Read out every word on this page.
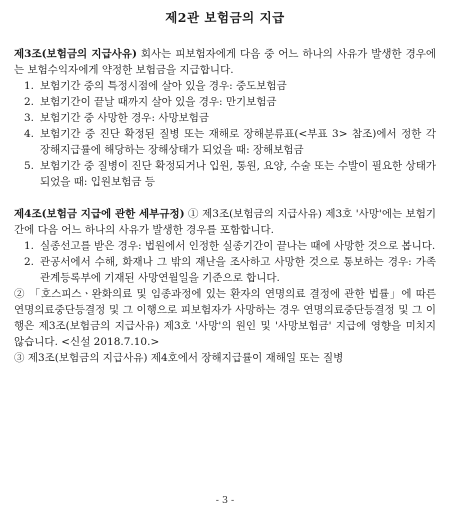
제2관 보험금의 지급

제3조(보험금의 지급사유) 회사는 피보험자에게 다음 중 어느 하나의 사유가 발생한 경우에는 보험수익자에게 약정한 보험금을 지급합니다.

1. 보험기간 중의 특정시점에 살아 있을 경우: 중도보험금
2. 보험기간이 끝날 때까지 살아 있을 경우: 만기보험금
3. 보험기간 중 사망한 경우: 사망보험금
4. 보험기간 중 진단 확정된 질병 또는 재해로 장해분류표(<부표 3> 참조)에서 정한 각 장해지급률에 해당하는 장해상태가 되었을 때: 장해보험금
5. 보험기간 중 질병이 진단 확정되거나 입원, 통원, 요양, 수술 또는 수발이 필요한 상태가 되었을 때: 입원보험금 등

제4조(보험금 지급에 관한 세부규정) ① 제3조(보험금의 지급사유) 제3호 '사망'에는 보험기간에 다음 어느 하나의 사유가 발생한 경우를 포함합니다.

1. 실종선고를 받은 경우: 법원에서 인정한 실종기간이 끝나는 때에 사망한 것으로 봅니다.
2. 관공서에서 수해, 화재나 그 밖의 재난을 조사하고 사망한 것으로 통보하는 경우: 가족관계등록부에 기재된 사망연월일을 기준으로 합니다.

② 「호스피스ㆍ완화의료 및 임종과정에 있는 환자의 연명의료 결정에 관한 법률」에 따른 연명의료중단등결정 및 그 이행으로 피보험자가 사망하는 경우 연명의료중단등결정 및 그 이행은 제3조(보험금의 지급사유) 제3호 '사망'의 원인 및 '사망보험금' 지급에 영향을 미치지 않습니다. <신설 2018.7.10.>

③ 제3조(보험금의 지급사유) 제4호에서 장해지급률이 재해일 또는 질병

- 3 -
